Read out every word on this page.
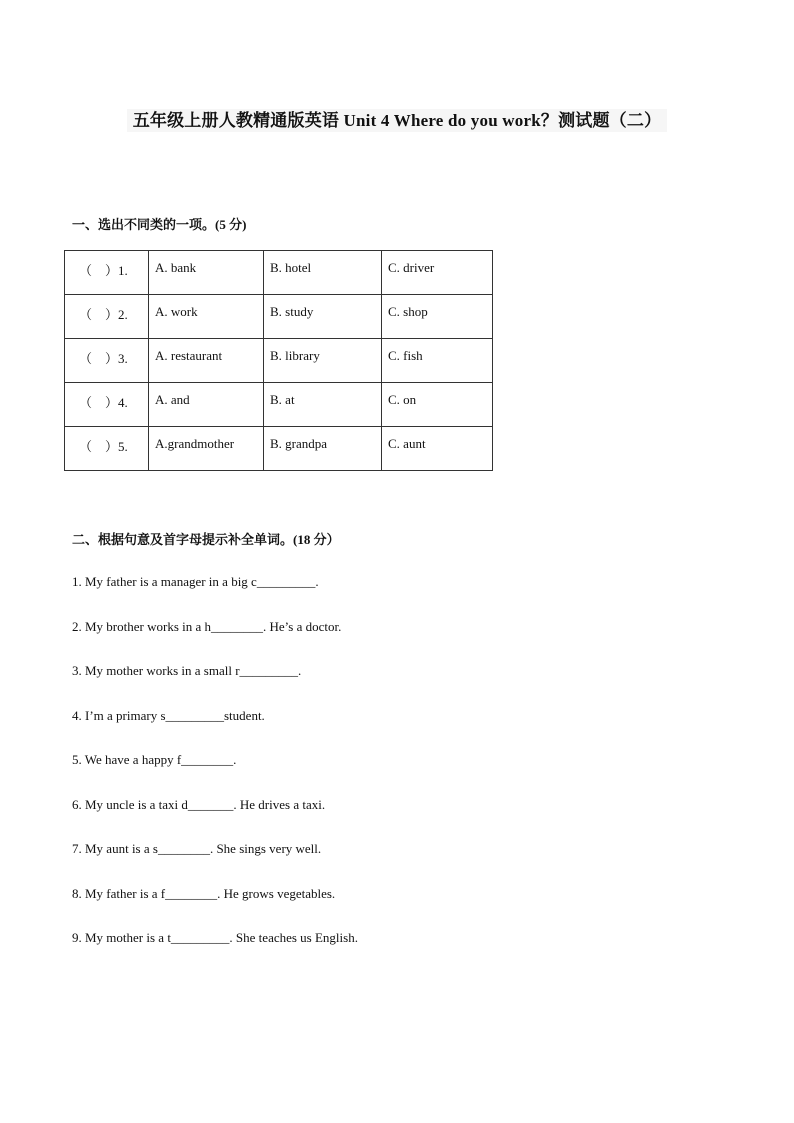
五年级上册人教精通版英语 Unit 4 Where do you work？测试题（二）
一、选出不同类的一项。(5 分)
（　）1.	A. bank	B. hotel	C. driver
（　）2.	A. work	B. study	C. shop
（　）3.	A. restaurant	B. library	C. fish
（　）4.	A. and	B. at	C. on
（　）5.	A.grandmother	B. grandpa	C. aunt
二、根据句意及首字母提示补全单词。(18 分）
1. My father is a manager in a big c_________.
2. My brother works in a h________. He’s a doctor.
3. My mother works in a small r_________.
4. I’m a primary s_________student.
5. We have a happy f________.
6. My uncle is a taxi d_______. He drives a taxi.
7. My aunt is a s________. She sings very well.
8. My father is a f________. He grows vegetables.
9. My mother is a t_________. She teaches us English.
